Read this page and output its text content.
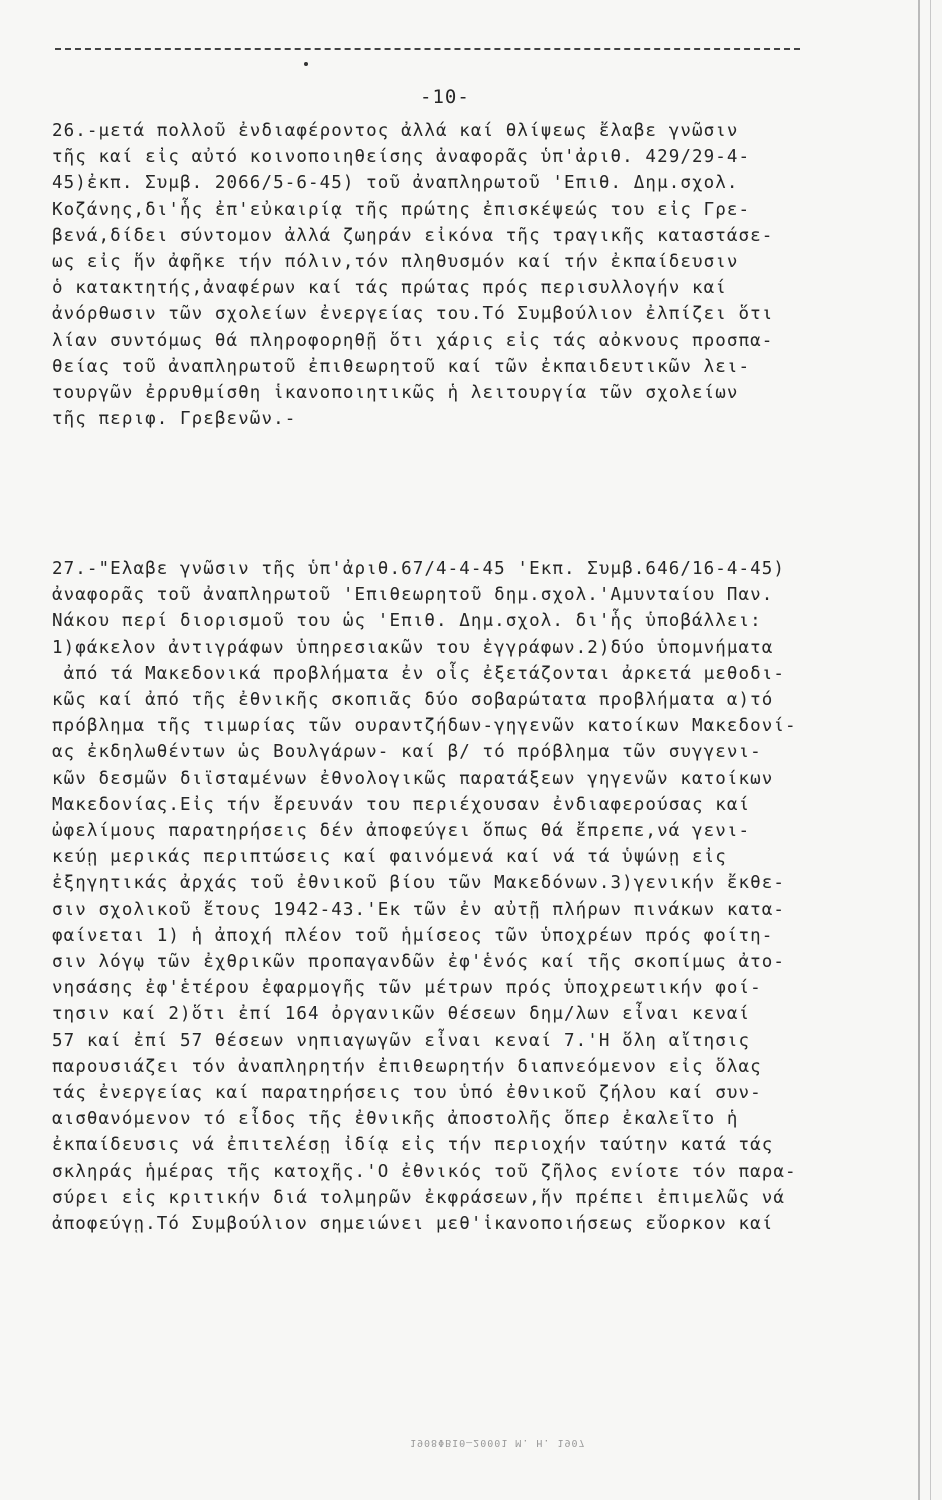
-10-
26.-μετά πολλοῦ ἐνδιαφέροντος ἀλλά καί θλίψεως ἔλαβε γνῶσιν
τῆς καί εἰς αὐτό κοινοποιηθείσης ἀναφορᾶς ὑπ'ἀριθ. 429/29-4-
45)ἐκπ. Συμβ. 2066/5-6-45) τοῦ ἀναπληρωτοῦ 'Επιθ. Δημ.σχολ.
Κοζάνης,δι'ἧς ἐπ'εὐκαιρίᾳ τῆς πρώτης ἐπισκέψεώς του εἰς Γρε-
βενά,δίδει σύντομον ἀλλά ζωηράν εἰκόνα τῆς τραγικῆς καταστάσε-
ως εἰς ἥν ἀφῆκε τήν πόλιν,τόν πληθυσμόν καί τήν ἐκπαίδευσιν
ὁ κατακτητής,ἀναφέρων καί τάς πρώτας πρός περισυλλογήν καί
ἀνόρθωσιν τῶν σχολείων ἐνεργείας του.Τό Συμβούλιον ἐλπίζει ὅτι
λίαν συντόμως θά πληροφορηθῇ ὅτι χάρις εἰς τάς αὀκνους προσπα-
θείας τοῦ ἀναπληρωτοῦ ἐπιθεωρητοῦ καί τῶν ἐκπαιδευτικῶν λει-
τουργῶν ἐρρυθμίσθη ἱκανοποιητικῶς ἡ λειτουργία τῶν σχολείων
τῆς περιφ. Γρεβενῶν.-
27.-"Ελαβε γνῶσιν τῆς ὑπ'ἀριθ.67/4-4-45 'Εκπ. Συμβ.646/16-4-45)
ἀναφορᾶς τοῦ ἀναπληρωτοῦ 'Επιθεωρητοῦ δημ.σχολ.'Αμυνταίου Παν.
Νάκου περί διορισμοῦ του ὡς 'Επιθ. Δημ.σχολ. δι'ἧς ὑποβάλλει:
1)φάκελον ἀντιγράφων ὑπηρεσιακῶν του ἐγγράφων.2)δύο ὑπομνήματα
ἀπό τά Μακεδονικά προβλήματα ἐν οἷς ἐξετάζονται ἀρκετά μεθοδι-
κῶς καί ἀπό τῆς ἐθνικῆς σκοπιᾶς δύο σοβαρώτατα προβλήματα α)τό
πρόβλημα τῆς τιμωρίας τῶν ουραντζήδων-γηγενῶν κατοίκων Μακεδονί-
ας ἐκδηλωθέντων ὡς Βουλγάρων- καί β/ τό πρόβλημα τῶν συγγενι-
κῶν δεσμῶν διϊσταμένων ἐθνολογικῶς παρατάξεων γηγενῶν κατοίκων
Μακεδονίας.Εἰς τήν ἔρευνάν του περιέχουσαν ἐνδιαφερούσας καί
ὠφελίμους παρατηρήσεις δέν ἀποφεύγει ὅπως θά ἔπρεπε,νά γενι-
κεύῃ μερικάς περιπτώσεις καί φαινόμενά καί νά τά ὑψώνῃ εἰς
ἐξηγητικάς ἀρχάς τοῦ ἐθνικοῦ βίου τῶν Μακεδόνων.3)γενικήν ἔκθε-
σιν σχολικοῦ ἔτους 1942-43.'Εκ τῶν ἐν αὐτῇ πλήρων πινάκων κατα-
φαίνεται 1) ἡ ἀποχή πλέον τοῦ ἡμίσεος τῶν ὑποχρέων πρός φοίτη-
σιν λόγῳ τῶν ἐχθρικῶν προπαγανδῶν ἐφ'ἑνός καί τῆς σκοπίμως ἀτο-
νησάσης ἐφ'ἑτέρου ἐφαρμογῆς τῶν μέτρων πρός ὑποχρεωτικήν φοί-
τησιν καί 2)ὅτι ἐπί 164 ὀργανικῶν θέσεων δημ/λων εἶναι κεναί
57 καί ἐπί 57 θέσεων νηπιαγωγῶν εἶναι κεναί 7.'Η ὅλη αἴτησις
παρουσιάζει τόν ἀναπληρητήν ἐπιθεωρητήν διαπνεόμενον εἰς ὅλας
τάς ἐνεργείας καί παρατηρήσεις του ὑπό ἐθνικοῦ ζήλου καί συν-
αισθανόμενον τό εἶδος τῆς ἐθνικῆς ἀποστολῆς ὅπερ ἐκαλεῖτο ἡ
ἐκπαίδευσις νά ἐπιτελέσῃ ἰδίᾳ εἰς τήν περιοχήν ταύτην κατά τάς
σκληράς ἡμέρας τῆς κατοχῆς.'Ο ἐθνικός τοῦ ζῆλος ενίοτε τόν παρα-
σύρει εἰς κριτικήν διά τολμηρῶν ἐκφράσεων,ἥν πρέπει ἐπιμελῶς νά
ἀποφεύγῃ.Τό Συμβούλιον σημειώνει μεθ'ἱκανοποιήσεως εὔορκον καί
1908ΦΒΙΘ—20001 Μ. Η. 1907
